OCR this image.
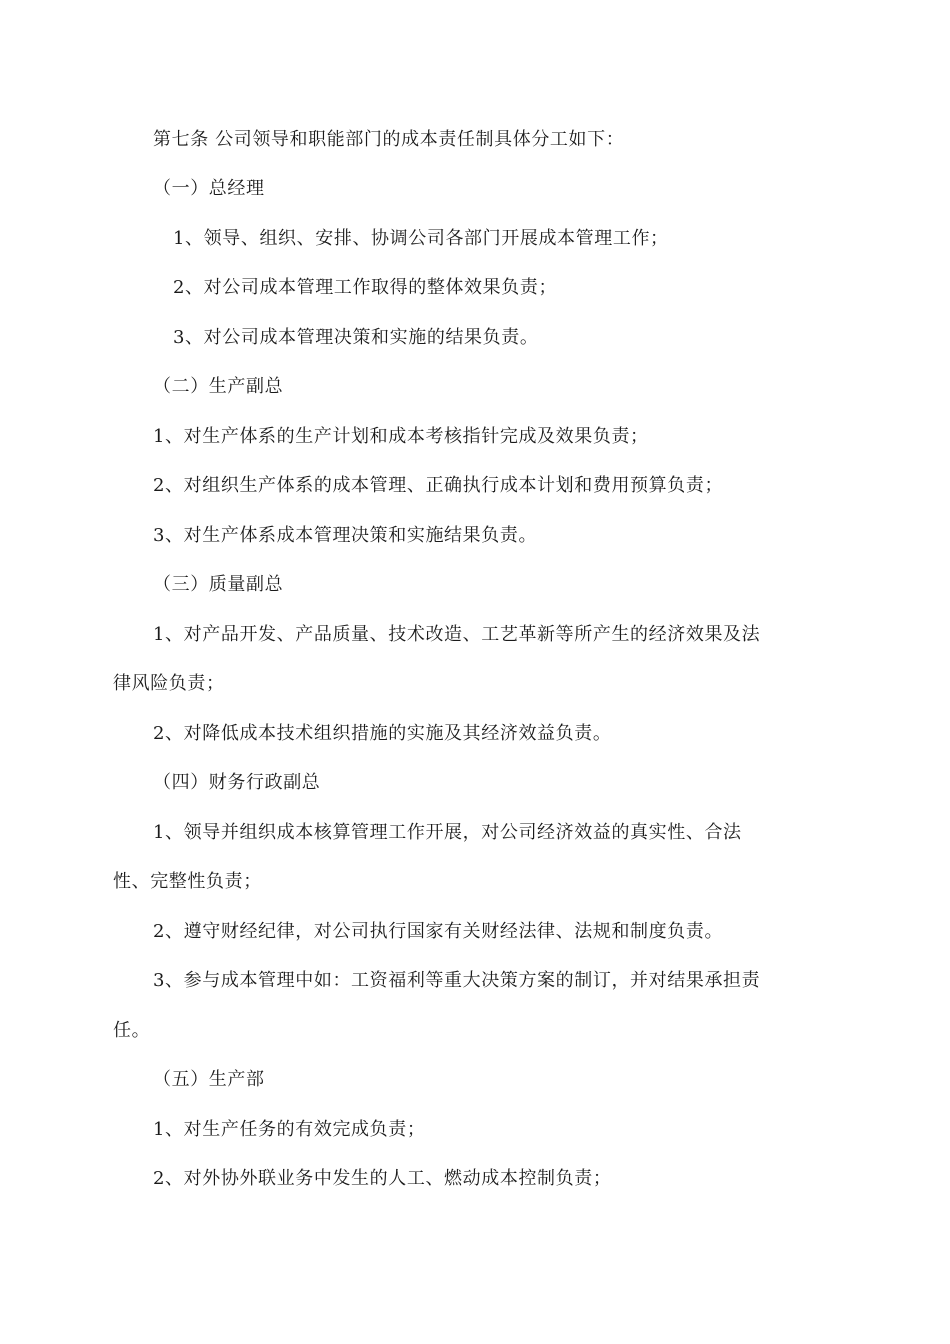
第七条 公司领导和职能部门的成本责任制具体分工如下：
（一）总经理
1、领导、组织、安排、协调公司各部门开展成本管理工作；
2、对公司成本管理工作取得的整体效果负责；
3、对公司成本管理决策和实施的结果负责。
（二）生产副总
1、对生产体系的生产计划和成本考核指针完成及效果负责；
2、对组织生产体系的成本管理、正确执行成本计划和费用预算负责；
3、对生产体系成本管理决策和实施结果负责。
（三）质量副总
1、对产品开发、产品质量、技术改造、工艺革新等所产生的经济效果及法
律风险负责；
2、对降低成本技术组织措施的实施及其经济效益负责。
（四）财务行政副总
1、领导并组织成本核算管理工作开展，对公司经济效益的真实性、合法
性、完整性负责；
2、遵守财经纪律，对公司执行国家有关财经法律、法规和制度负责。
3、参与成本管理中如：工资福利等重大决策方案的制订，并对结果承担责
任。
（五）生产部
1、对生产任务的有效完成负责；
2、对外协外联业务中发生的人工、燃动成本控制负责；
